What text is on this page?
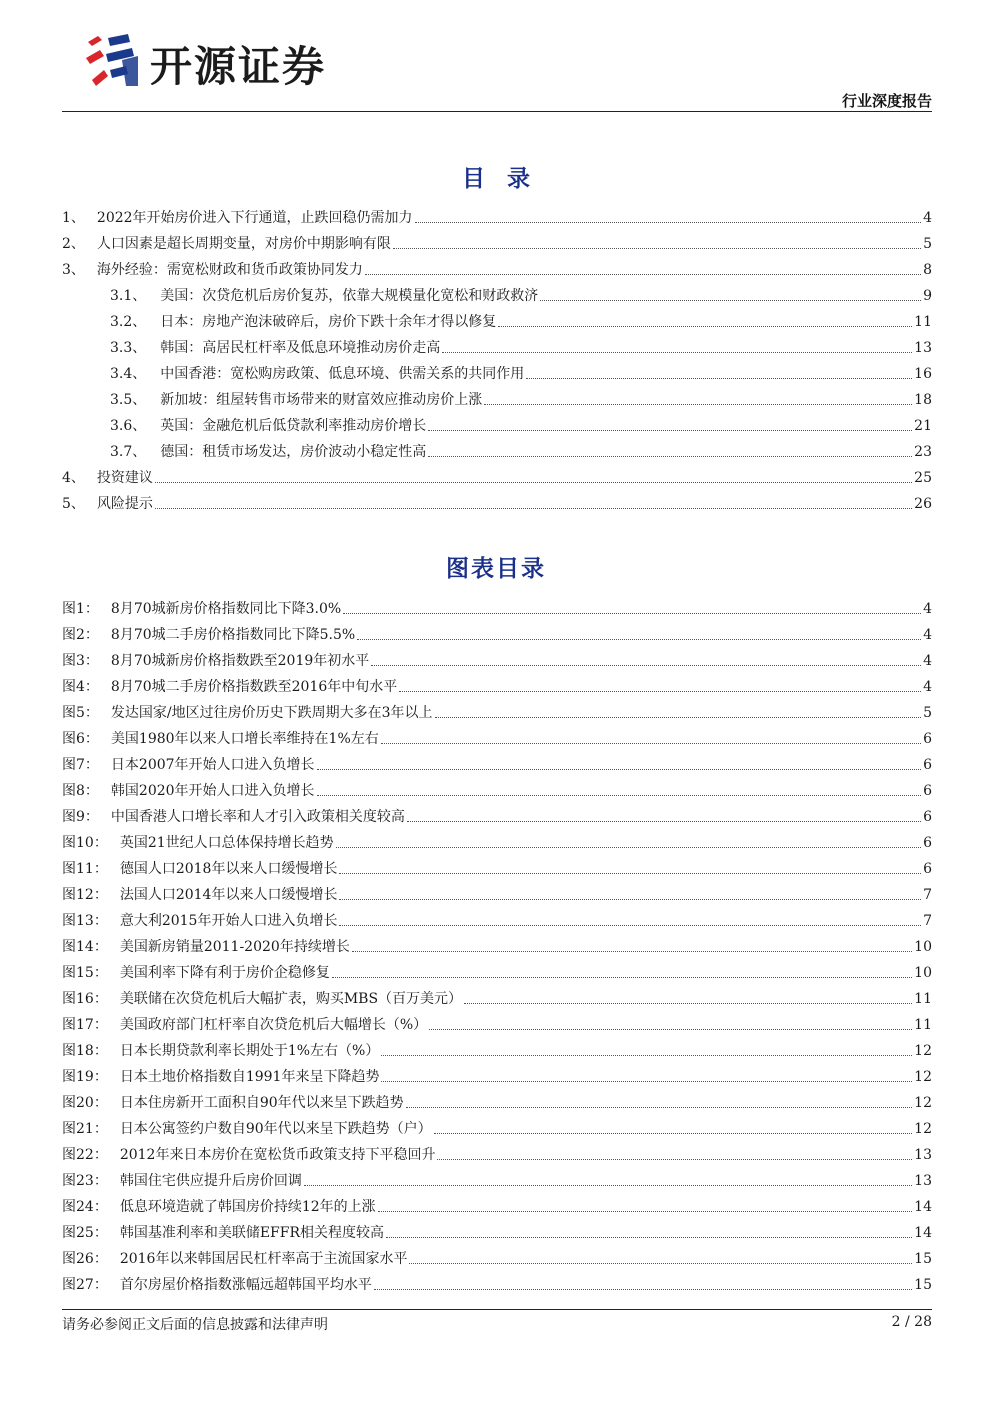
开源证券
行业深度报告
目录
1、 2022年开始房价进入下行通道，止跌回稳仍需加力	4
2、 人口因素是超长周期变量，对房价中期影响有限	5
3、 海外经验：需宽松财政和货币政策协同发力	8
3.1、 美国：次贷危机后房价复苏，依靠大规模量化宽松和财政救济	9
3.2、 日本：房地产泡沫破碎后，房价下跌十余年才得以修复	11
3.3、 韩国：高居民杠杆率及低息环境推动房价走高	13
3.4、 中国香港：宽松购房政策、低息环境、供需关系的共同作用	16
3.5、 新加坡：组屋转售市场带来的财富效应推动房价上涨	18
3.6、 英国：金融危机后低贷款利率推动房价增长	21
3.7、 德国：租赁市场发达，房价波动小稳定性高	23
4、 投资建议	25
5、 风险提示	26
图表目录
图1： 8月70城新房价格指数同比下降3.0%	4
图2： 8月70城二手房价格指数同比下降5.5%	4
图3： 8月70城新房价格指数跌至2019年初水平	4
图4： 8月70城二手房价格指数跌至2016年中旬水平	4
图5： 发达国家/地区过往房价历史下跌周期大多在3年以上	5
图6： 美国1980年以来人口增长率维持在1%左右	6
图7： 日本2007年开始人口进入负增长	6
图8： 韩国2020年开始人口进入负增长	6
图9： 中国香港人口增长率和人才引入政策相关度较高	6
图10： 英国21世纪人口总体保持增长趋势	6
图11： 德国人口2018年以来人口缓慢增长	6
图12： 法国人口2014年以来人口缓慢增长	7
图13： 意大利2015年开始人口进入负增长	7
图14： 美国新房销量2011-2020年持续增长	10
图15： 美国利率下降有利于房价企稳修复	10
图16： 美联储在次贷危机后大幅扩表，购买MBS（百万美元）	11
图17： 美国政府部门杠杆率自次贷危机后大幅增长（%）	11
图18： 日本长期贷款利率长期处于1%左右（%）	12
图19： 日本土地价格指数自1991年来呈下降趋势	12
图20： 日本住房新开工面积自90年代以来呈下跌趋势	12
图21： 日本公寓签约户数自90年代以来呈下跌趋势（户）	12
图22： 2012年来日本房价在宽松货币政策支持下平稳回升	13
图23： 韩国住宅供应提升后房价回调	13
图24： 低息环境造就了韩国房价持续12年的上涨	14
图25： 韩国基准利率和美联储EFFR相关程度较高	14
图26： 2016年以来韩国居民杠杆率高于主流国家水平	15
图27： 首尔房屋价格指数涨幅远超韩国平均水平	15
请务必参阅正文后面的信息披露和法律声明	2 / 28
